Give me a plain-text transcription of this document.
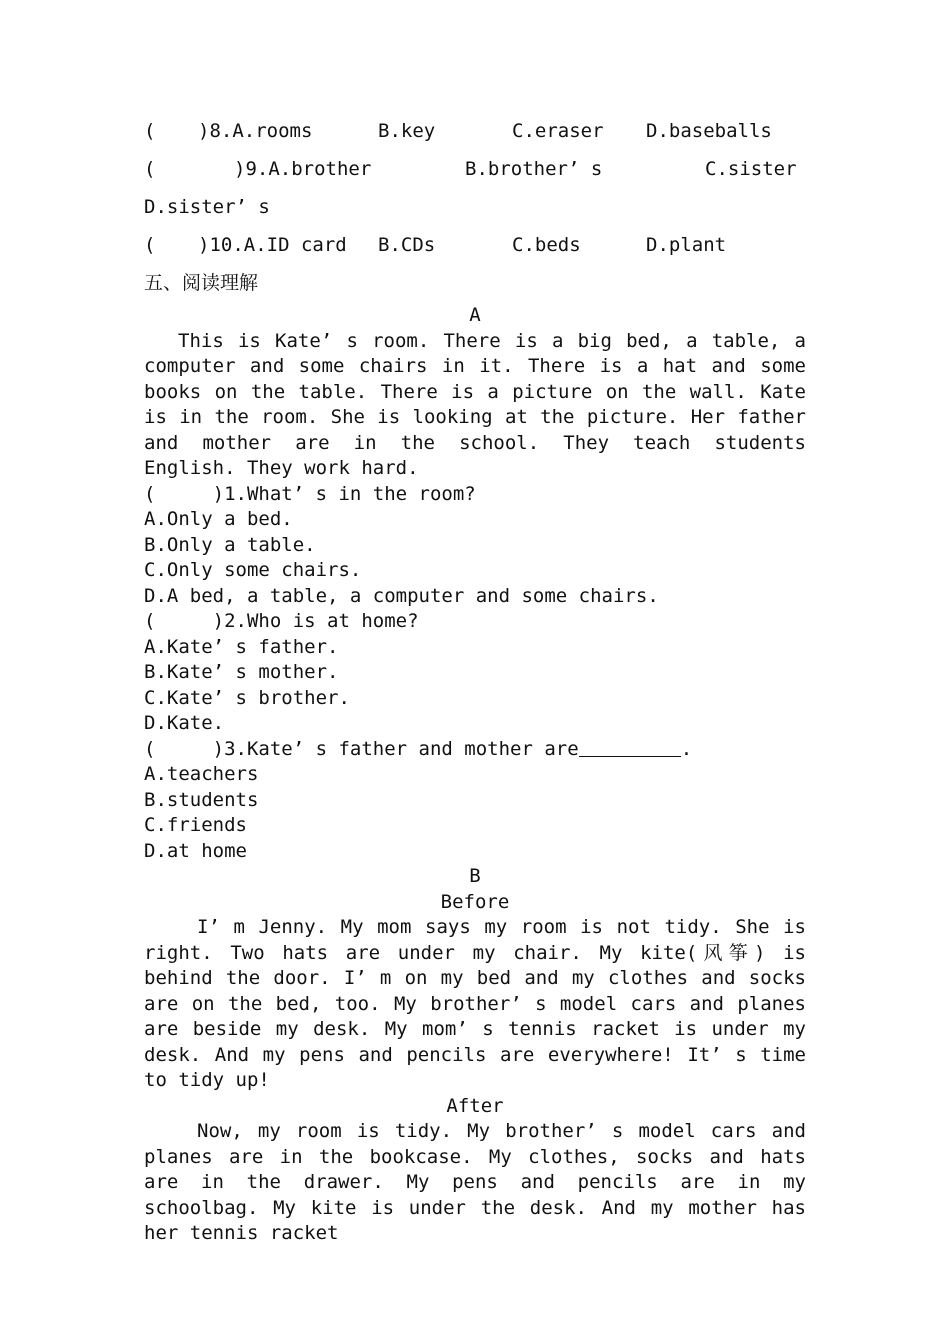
(	)8.A.rooms	B.key	C.eraser	D.baseballs
(	)9.A.brother	B.brother’ s	C.sister
D.sister’ s
(	)10.A.ID card	B.CDs	C.beds	D.plant
五、阅读理解
A

This is Kate’ s room. There is a big bed, a table, a computer and some chairs in it. There is a hat and some books on the table. There is a picture on the wall. Kate is in the room. She is looking at the picture. Her father and mother are in the school. They teach students English. They work hard.

(     )1.What’ s in the room?
A.Only a bed.
B.Only a table.
C.Only some chairs.
D.A bed, a table, a computer and some chairs.
(     )2.Who is at home?
A.Kate’ s father.
B.Kate’ s mother.
C.Kate’ s brother.
D.Kate.
(     )3.Kate’ s father and mother are	.
A.teachers
B.students
C.friends
D.at home
B
Before

I’ m Jenny. My mom says my room is not tidy. She is right. Two hats are under my chair. My kite(风筝) is behind the door. I’ m on my bed and my clothes and socks are on the bed, too. My brother’ s model cars and planes are beside my desk. My mom’ s tennis racket is under my desk. And my pens and pencils are everywhere! It’ s time to tidy up!

After

Now, my room is tidy. My brother’ s model cars and planes are in the bookcase. My clothes, socks and hats are in the drawer. My pens and pencils are in my schoolbag. My kite is under the desk. And my mother has her tennis racket
